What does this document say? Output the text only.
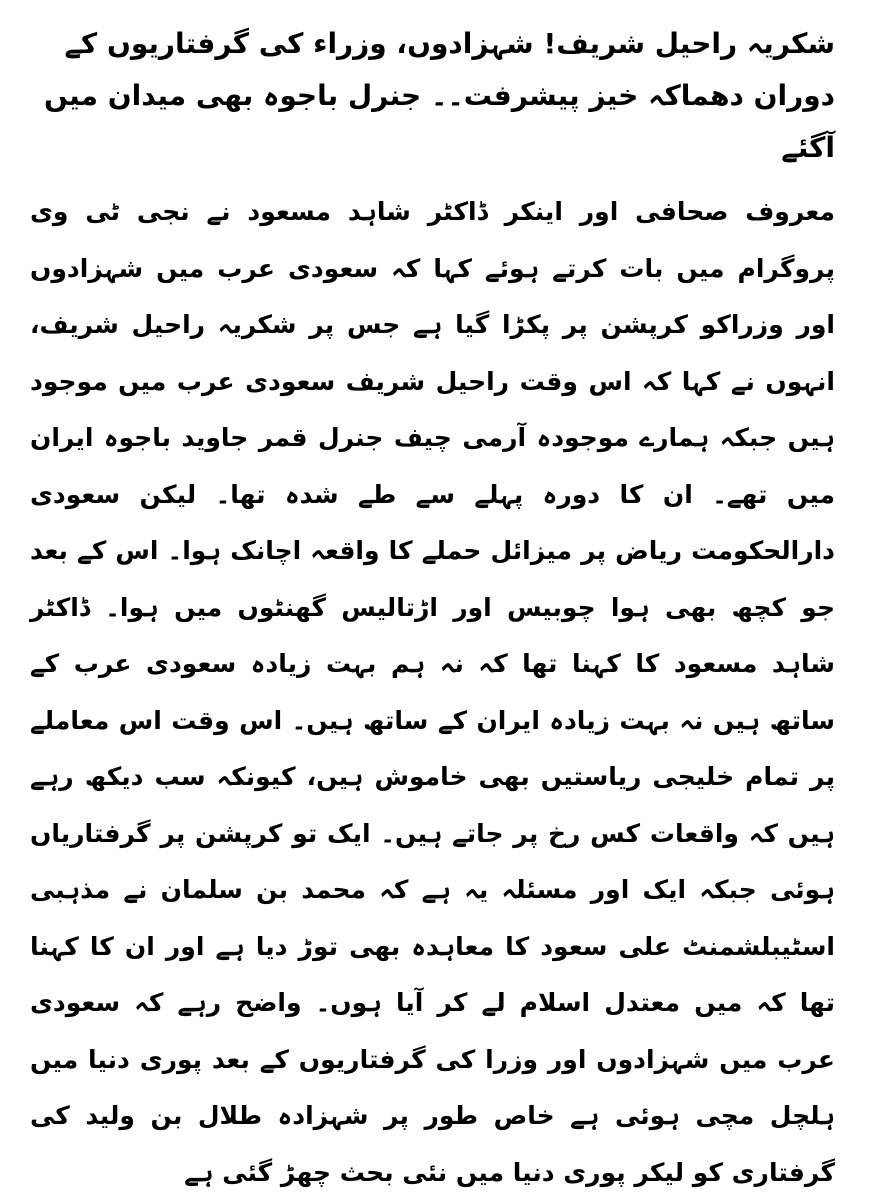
شکریہ راحیل شریف! شہزادوں، وزراء کی گرفتاریوں کے دوران دھماکہ خیز پیشرفت۔۔ جنرل باجوہ بھی میدان میں آگئے

معروف صحافی اور اینکر ڈاکٹر شاہد مسعود نے نجی ٹی وی پروگرام میں بات کرتے ہوئے کہا کہ سعودی عرب میں شہزادوں اور وزراکو کرپشن پر پکڑا گیا ہے جس پر شکریہ راحیل شریف، انہوں نے کہا کہ اس وقت راحیل شریف سعودی عرب میں موجود ہیں جبکہ ہمارے موجودہ آرمی چیف جنرل قمر جاوید باجوہ ایران میں تھے۔ ان کا دورہ پہلے سے طے شدہ تھا۔ لیکن سعودی دارالحکومت ریاض پر میزائل حملے کا واقعہ اچانک ہوا۔ اس کے بعد جو کچھ بھی ہوا چوبیس اور اڑتالیس گھنٹوں میں ہوا۔ ڈاکٹر شاہد مسعود کا کہنا تھا کہ نہ ہم بہت زیادہ سعودی عرب کے ساتھ ہیں نہ بہت زیادہ ایران کے ساتھ ہیں۔ اس وقت اس معاملے پر تمام خلیجی ریاستیں بھی خاموش ہیں، کیونکہ سب دیکھ رہے ہیں کہ واقعات کس رخ پر جاتے ہیں۔ ایک تو کرپشن پر گرفتاریاں ہوئی جبکہ ایک اور مسئلہ یہ ہے کہ محمد بن سلمان نے مذہبی اسٹیبلشمنٹ علی سعود کا معاہدہ بھی توڑ دیا ہے اور ان کا کہنا تھا کہ میں معتدل اسلام لے کر آیا ہوں۔ واضح رہے کہ سعودی عرب میں شہزادوں اور وزرا کی گرفتاریوں کے بعد پوری دنیا میں ہلچل مچی ہوئی ہے خاص طور پر شہزادہ طلال بن ولید کی گرفتاری کو لیکر پوری دنیا میں نئی بحث چھڑ گئی ہے
